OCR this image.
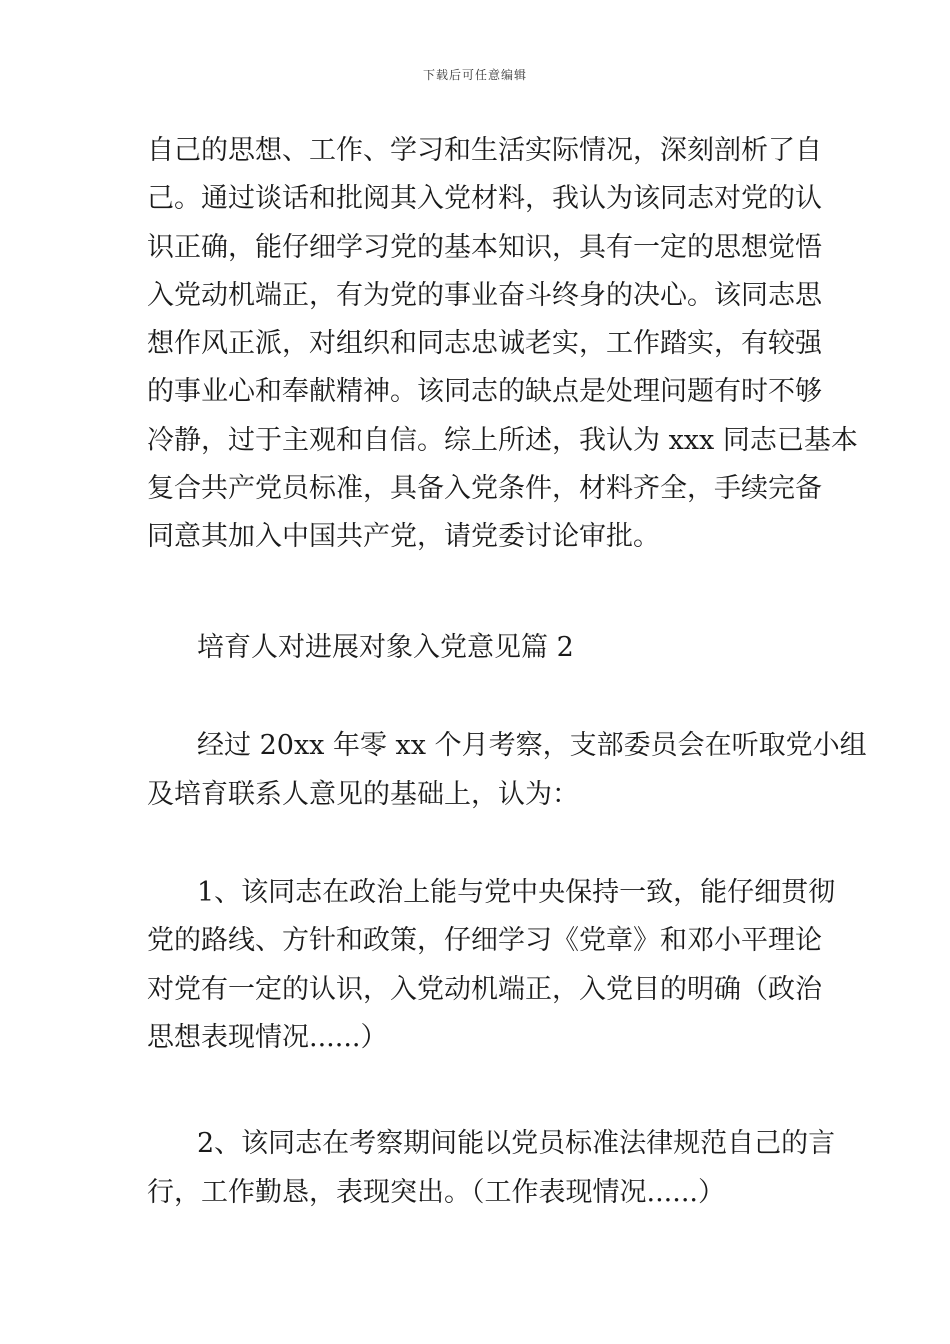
下载后可任意编辑
自己的思想、工作、学习和生活实际情况，深刻剖析了自
己。通过谈话和批阅其入党材料，我认为该同志对党的认
识正确，能仔细学习党的基本知识，具有一定的思想觉悟
入党动机端正，有为党的事业奋斗终身的决心。该同志思
想作风正派，对组织和同志忠诚老实，工作踏实，有较强
的事业心和奉献精神。该同志的缺点是处理问题有时不够
冷静，过于主观和自信。综上所述，我认为 xxx 同志已基本
复合共产党员标准，具备入党条件，材料齐全，手续完备
同意其加入中国共产党，请党委讨论审批。
培育人对进展对象入党意见篇 2
经过 20xx 年零 xx 个月考察，支部委员会在听取党小组
及培育联系人意见的基础上，认为：
1、该同志在政治上能与党中央保持一致，能仔细贯彻
党的路线、方针和政策，仔细学习《党章》和邓小平理论
对党有一定的认识，入党动机端正，入党目的明确（政治
思想表现情况......）
2、该同志在考察期间能以党员标准法律规范自己的言
行，工作勤恳，表现突出。（工作表现情况......）
